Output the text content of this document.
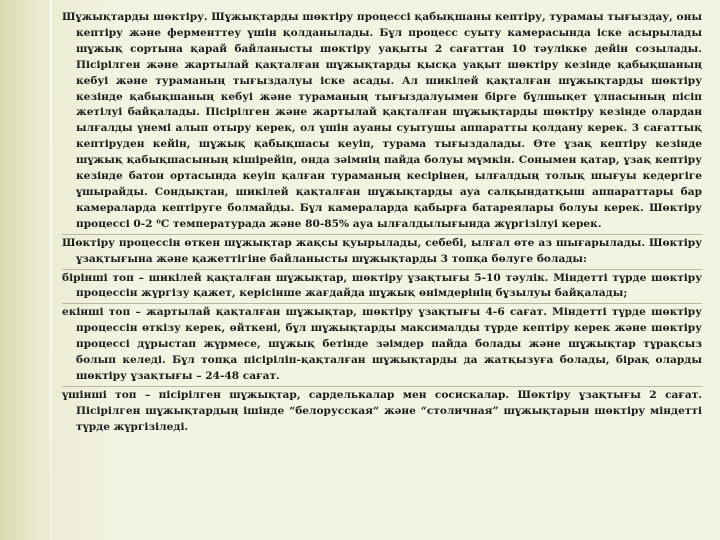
Шұжықтарды шөктіру. Шұжықтарды шөктіру процессі қабықшаны кептіру, турамаы тығыздау, оны кептіру және ферменттеу үшін қолданылады. Бұл процесс суыту камерасында іске асырылады шұжық сортына қарай байланысты шөктіру уақыты 2 сағаттан 10 тәулікке дейін созылады. Пісірілген және жартылай қақталған шұжықтарды қысқа уақыт шөктіру кезінде қабықшаның кебуі және тураманың тығыздалуы іске асады. Ал шикілей қақталған шұжықтарды шөктіру кезінде қабықшаның кебуі және тураманың тығыздалуымен бірге бұлшықет ұлпасының пісіп жетілуі байқалады. Пісірілген және жартылай қақталған шұжықтарды шөктіру кезінде олардан ылғалды үнемі алып отыру керек, ол үшін ауаны суытушы аппаратты қолдану керек. 3 сағаттық кептіруден кейін, шұжық қабықшасы кеуіп, турама тығыздалады. Өте ұзақ кептіру кезінде шұжық қабықшасының кішірейіп, онда зәімнің пайда болуы мүмкін. Сонымен қатар, ұзақ кептіру кезінде батон ортасында кеуіп қалған тураманың кесірінен, ылғалдың толық шығуы кедергіге ұшырайды. Сондықтан, шикілей қақталған шұжықтарды ауа салқындатқыш аппараттары бар камераларда кептіруге болмайды. Бұл камераларда қабырға батареялары болуы керек. Шөктіру процессі 0-2 ⁰С температурада және 80-85% ауа ылғалдылығында жүргізілуі керек.

Шөктіру процессін өткен шұжықтар жақсы қуырылады, себебі, ылғал өте аз шығарылады. Шөктіру ұзақтығына және қажеттігіне байланысты шұжықтарды 3 топқа бөлуге болады:

бірінші топ – шикілей қақталған шұжықтар, шөктіру ұзақтығы 5-10 тәулік. Міндетті түрде шөктіру процессін жүргізу қажет, керісінше жағдайда шұжық өнімдерінің бұзылуы байқалады;

екінші топ – жартылай қақталған шұжықтар, шөктіру ұзақтығы 4-6 сағат. Міндетті түрде шөктіру процессін өткізу керек, өйткені, бұл шұжықтарды максималды түрде кептіру керек және шөктіру процессі дұрыстап жүрмесе, шұжық бетінде зәімдер пайда болады және шұжықтар тұрақсыз болып келеді. Бұл топқа пісіріліп-қақталған шұжықтарды да жатқызуға болады, бірақ оларды шөктіру ұзақтығы – 24-48 сағат.

үшінші топ – пісірілген шұжықтар, сарделькалар мен сосискалар. Шөктіру ұзақтығы 2 сағат. Пісірілген шұжықтардың ішінде “белорусская“ және “столичная” шұжықтарын шөктіру міндетті түрде жүргізіледі.
